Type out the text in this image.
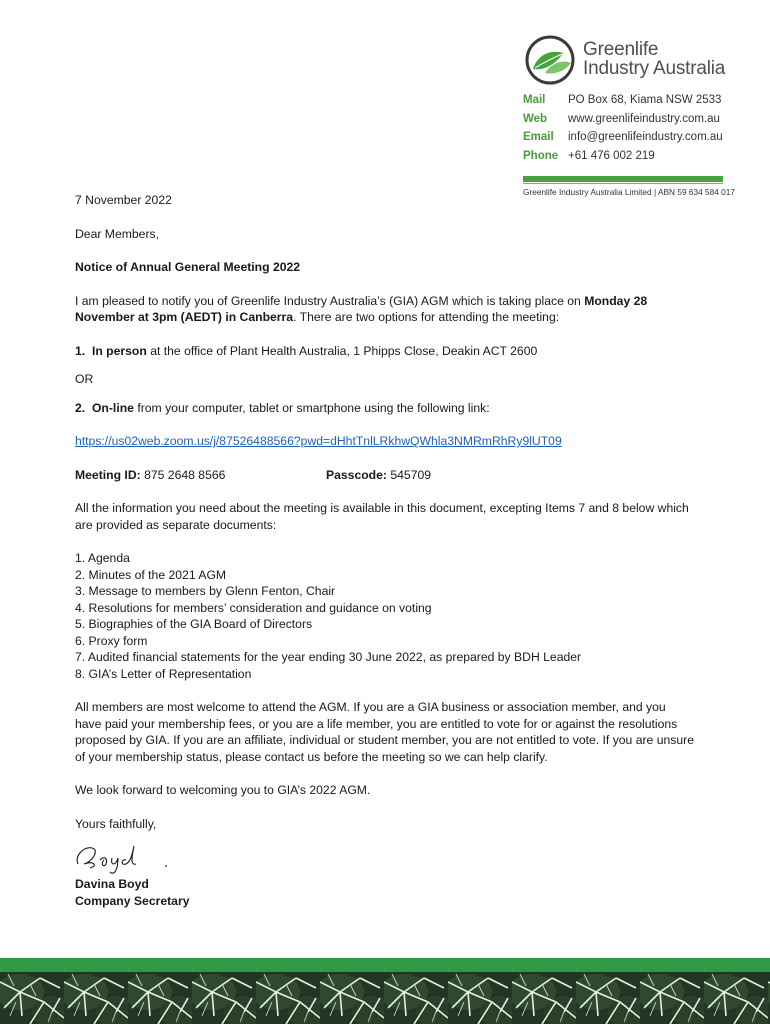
Greenlife
Industry Australia
Mail PO Box 68, Kiama NSW 2533
Web www.greenlifeindustry.com.au
Email info@greenlifeindustry.com.au
Phone +61 476 002 219
Greenlife Industry Australia Limited | ABN 59 634 584 017

7 November 2022

Dear Members,

Notice of Annual General Meeting 2022

I am pleased to notify you of Greenlife Industry Australia’s (GIA) AGM which is taking place on Monday 28 November at 3pm (AEDT) in Canberra. There are two options for attending the meeting:

1. In person at the office of Plant Health Australia, 1 Phipps Close, Deakin ACT 2600

OR

2. On-line from your computer, tablet or smartphone using the following link:

https://us02web.zoom.us/j/87526488566?pwd=dHhtTnlLRkhwQWhla3NMRmRhRy9lUT09

Meeting ID: 875 2648 8566	Passcode: 545709

All the information you need about the meeting is available in this document, excepting Items 7 and 8 below which are provided as separate documents:

1. Agenda
2. Minutes of the 2021 AGM
3. Message to members by Glenn Fenton, Chair
4. Resolutions for members’ consideration and guidance on voting
5. Biographies of the GIA Board of Directors
6. Proxy form
7. Audited financial statements for the year ending 30 June 2022, as prepared by BDH Leader
8. GIA’s Letter of Representation

All members are most welcome to attend the AGM. If you are a GIA business or association member, and you have paid your membership fees, or you are a life member, you are entitled to vote for or against the resolutions proposed by GIA. If you are an affiliate, individual or student member, you are not entitled to vote. If you are unsure of your membership status, please contact us before the meeting so we can help clarify.

We look forward to welcoming you to GIA’s 2022 AGM.

Yours faithfully,

Davina Boyd

Company Secretary
